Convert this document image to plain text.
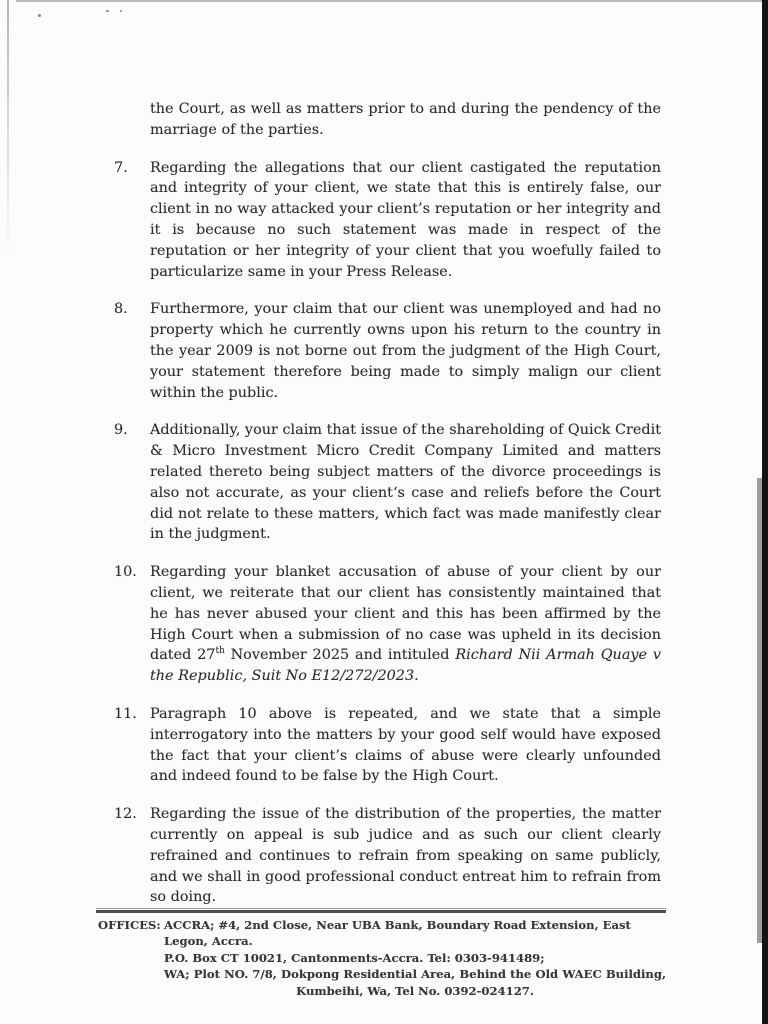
the Court, as well as matters prior to and during the pendency of the marriage of the parties.

7.	Regarding the allegations that our client castigated the reputation and integrity of your client, we state that this is entirely false, our client in no way attacked your client’s reputation or her integrity and it is because no such statement was made in respect of the reputation or her integrity of your client that you woefully failed to particularize same in your Press Release.
8.	Furthermore, your claim that our client was unemployed and had no property which he currently owns upon his return to the country in the year 2009 is not borne out from the judgment of the High Court, your statement therefore being made to simply malign our client within the public.
9.	Additionally, your claim that issue of the shareholding of Quick Credit & Micro Investment Micro Credit Company Limited and matters related thereto being subject matters of the divorce proceedings is also not accurate, as your client‘s case and reliefs before the Court did not relate to these matters, which fact was made manifestly clear in the judgment.
10. Regarding your blanket accusation of abuse of your client by our client, we reiterate that our client has consistently maintained that he has never abused your client and this has been affirmed by the High Court when a submission of no case was upheld in its decision dated 27th November 2025 and intituled Richard Nii Armah Quaye v the Republic, Suit No E12/272/2023.
11. Paragraph 10 above is repeated, and we state that a simple interrogatory into the matters by your good self would have exposed the fact that your client’s claims of abuse were clearly unfounded and indeed found to be false by the High Court.
12. Regarding the issue of the distribution of the properties, the matter currently on appeal is sub judice and as such our client clearly refrained and continues to refrain from speaking on same publicly, and we shall in good professional conduct entreat him to refrain from so doing.
OFFICES: ACCRA; #4, 2nd Close, Near UBA Bank, Boundary Road Extension, East Legon, Accra.
P.O. Box CT 10021, Cantonments-Accra. Tel: 0303-941489;
WA; Plot NO. 7/8, Dokpong Residential Area, Behind the Old WAEC Building,
Kumbeihi, Wa, Tel No. 0392-024127.
